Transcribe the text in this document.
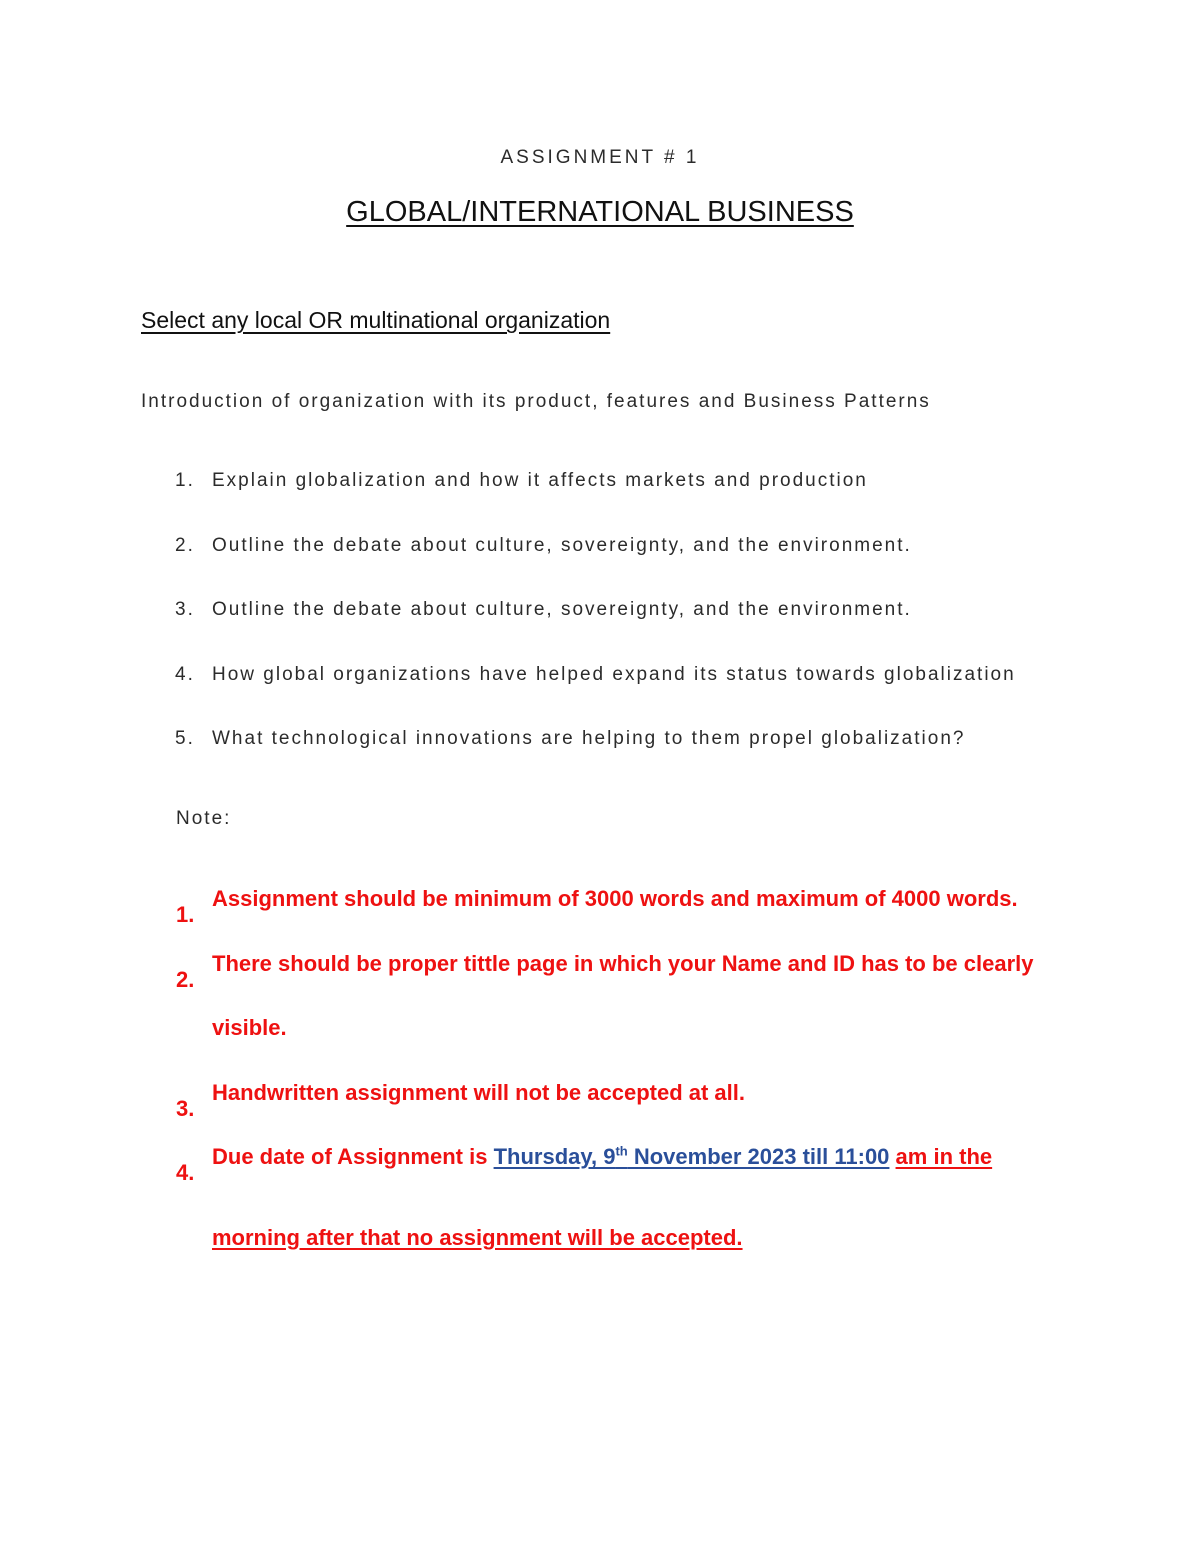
ASSIGNMENT # 1
GLOBAL/INTERNATIONAL BUSINESS
Select any local OR multinational organization
Introduction of organization with its product, features and Business Patterns
1. Explain globalization and how it affects markets and production
2. Outline the debate about culture, sovereignty, and the environment.
3. Outline the debate about culture, sovereignty, and the environment.
4. How global organizations have helped expand its status towards globalization
5. What technological innovations are helping to them propel globalization?
Note:
1.
Assignment should be minimum of 3000 words and maximum of 4000 words.
2.
There should be proper tittle page in which your Name and ID has to be clearly
visible.
3.
Handwritten assignment will not be accepted at all.
4.
Due date of Assignment is Thursday, 9th November 2023 till 11:00 am in the
morning after that no assignment will be accepted.
